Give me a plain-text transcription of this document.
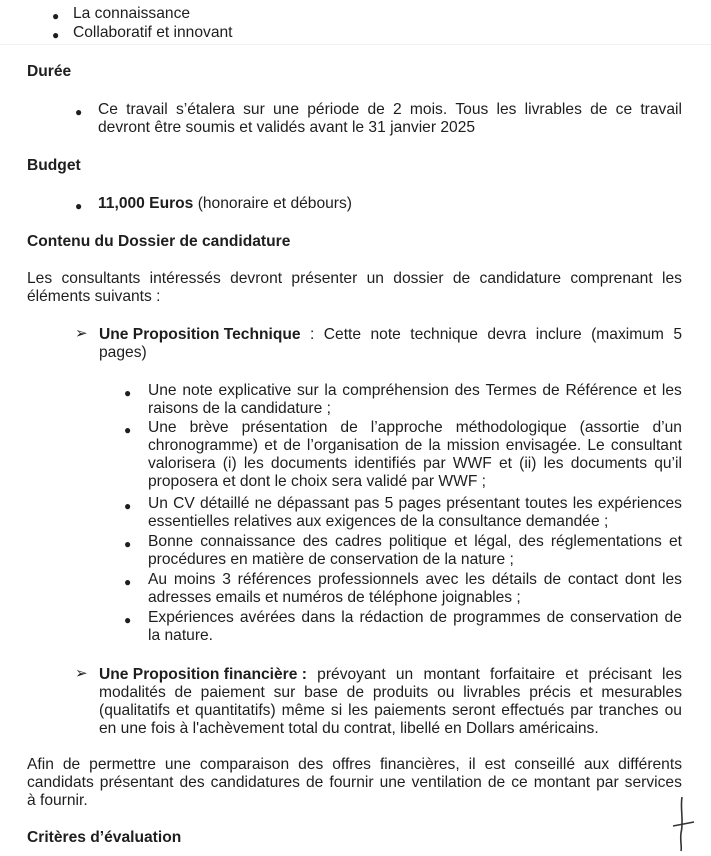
● La connaissance
● Collaboratif et innovant
Durée
● Ce travail s’étalera sur une période de 2 mois. Tous les livrables de ce travail
devront être soumis et validés avant le 31 janvier 2025
Budget
● 11,000 Euros (honoraire et débours)
Contenu du Dossier de candidature
Les consultants intéressés devront présenter un dossier de candidature comprenant les
éléments suivants :
➢ Une Proposition Technique : Cette note technique devra inclure (maximum 5
pages)
● Une note explicative sur la compréhension des Termes de Référence et les
raisons de la candidature ;
● Une brève présentation de l’approche méthodologique (assortie d’un
chronogramme) et de l’organisation de la mission envisagée. Le consultant
valorisera (i) les documents identifiés par WWF et (ii) les documents qu’il
proposera et dont le choix sera validé par WWF ;
● Un CV détaillé ne dépassant pas 5 pages présentant toutes les expériences
essentielles relatives aux exigences de la consultance demandée ;
● Bonne connaissance des cadres politique et légal, des réglementations et
procédures en matière de conservation de la nature ;
● Au moins 3 références professionnels avec les détails de contact dont les
adresses emails et numéros de téléphone joignables ;
● Expériences avérées dans la rédaction de programmes de conservation de
la nature.
➢ Une Proposition financière : prévoyant un montant forfaitaire et précisant les
modalités de paiement sur base de produits ou livrables précis et mesurables
(qualitatifs et quantitatifs) même si les paiements seront effectués par tranches ou
en une fois à l'achèvement total du contrat, libellé en Dollars américains.
Afin de permettre une comparaison des offres financières, il est conseillé aux différents
candidats présentant des candidatures de fournir une ventilation de ce montant par services
à fournir.
Critères d’évaluation
